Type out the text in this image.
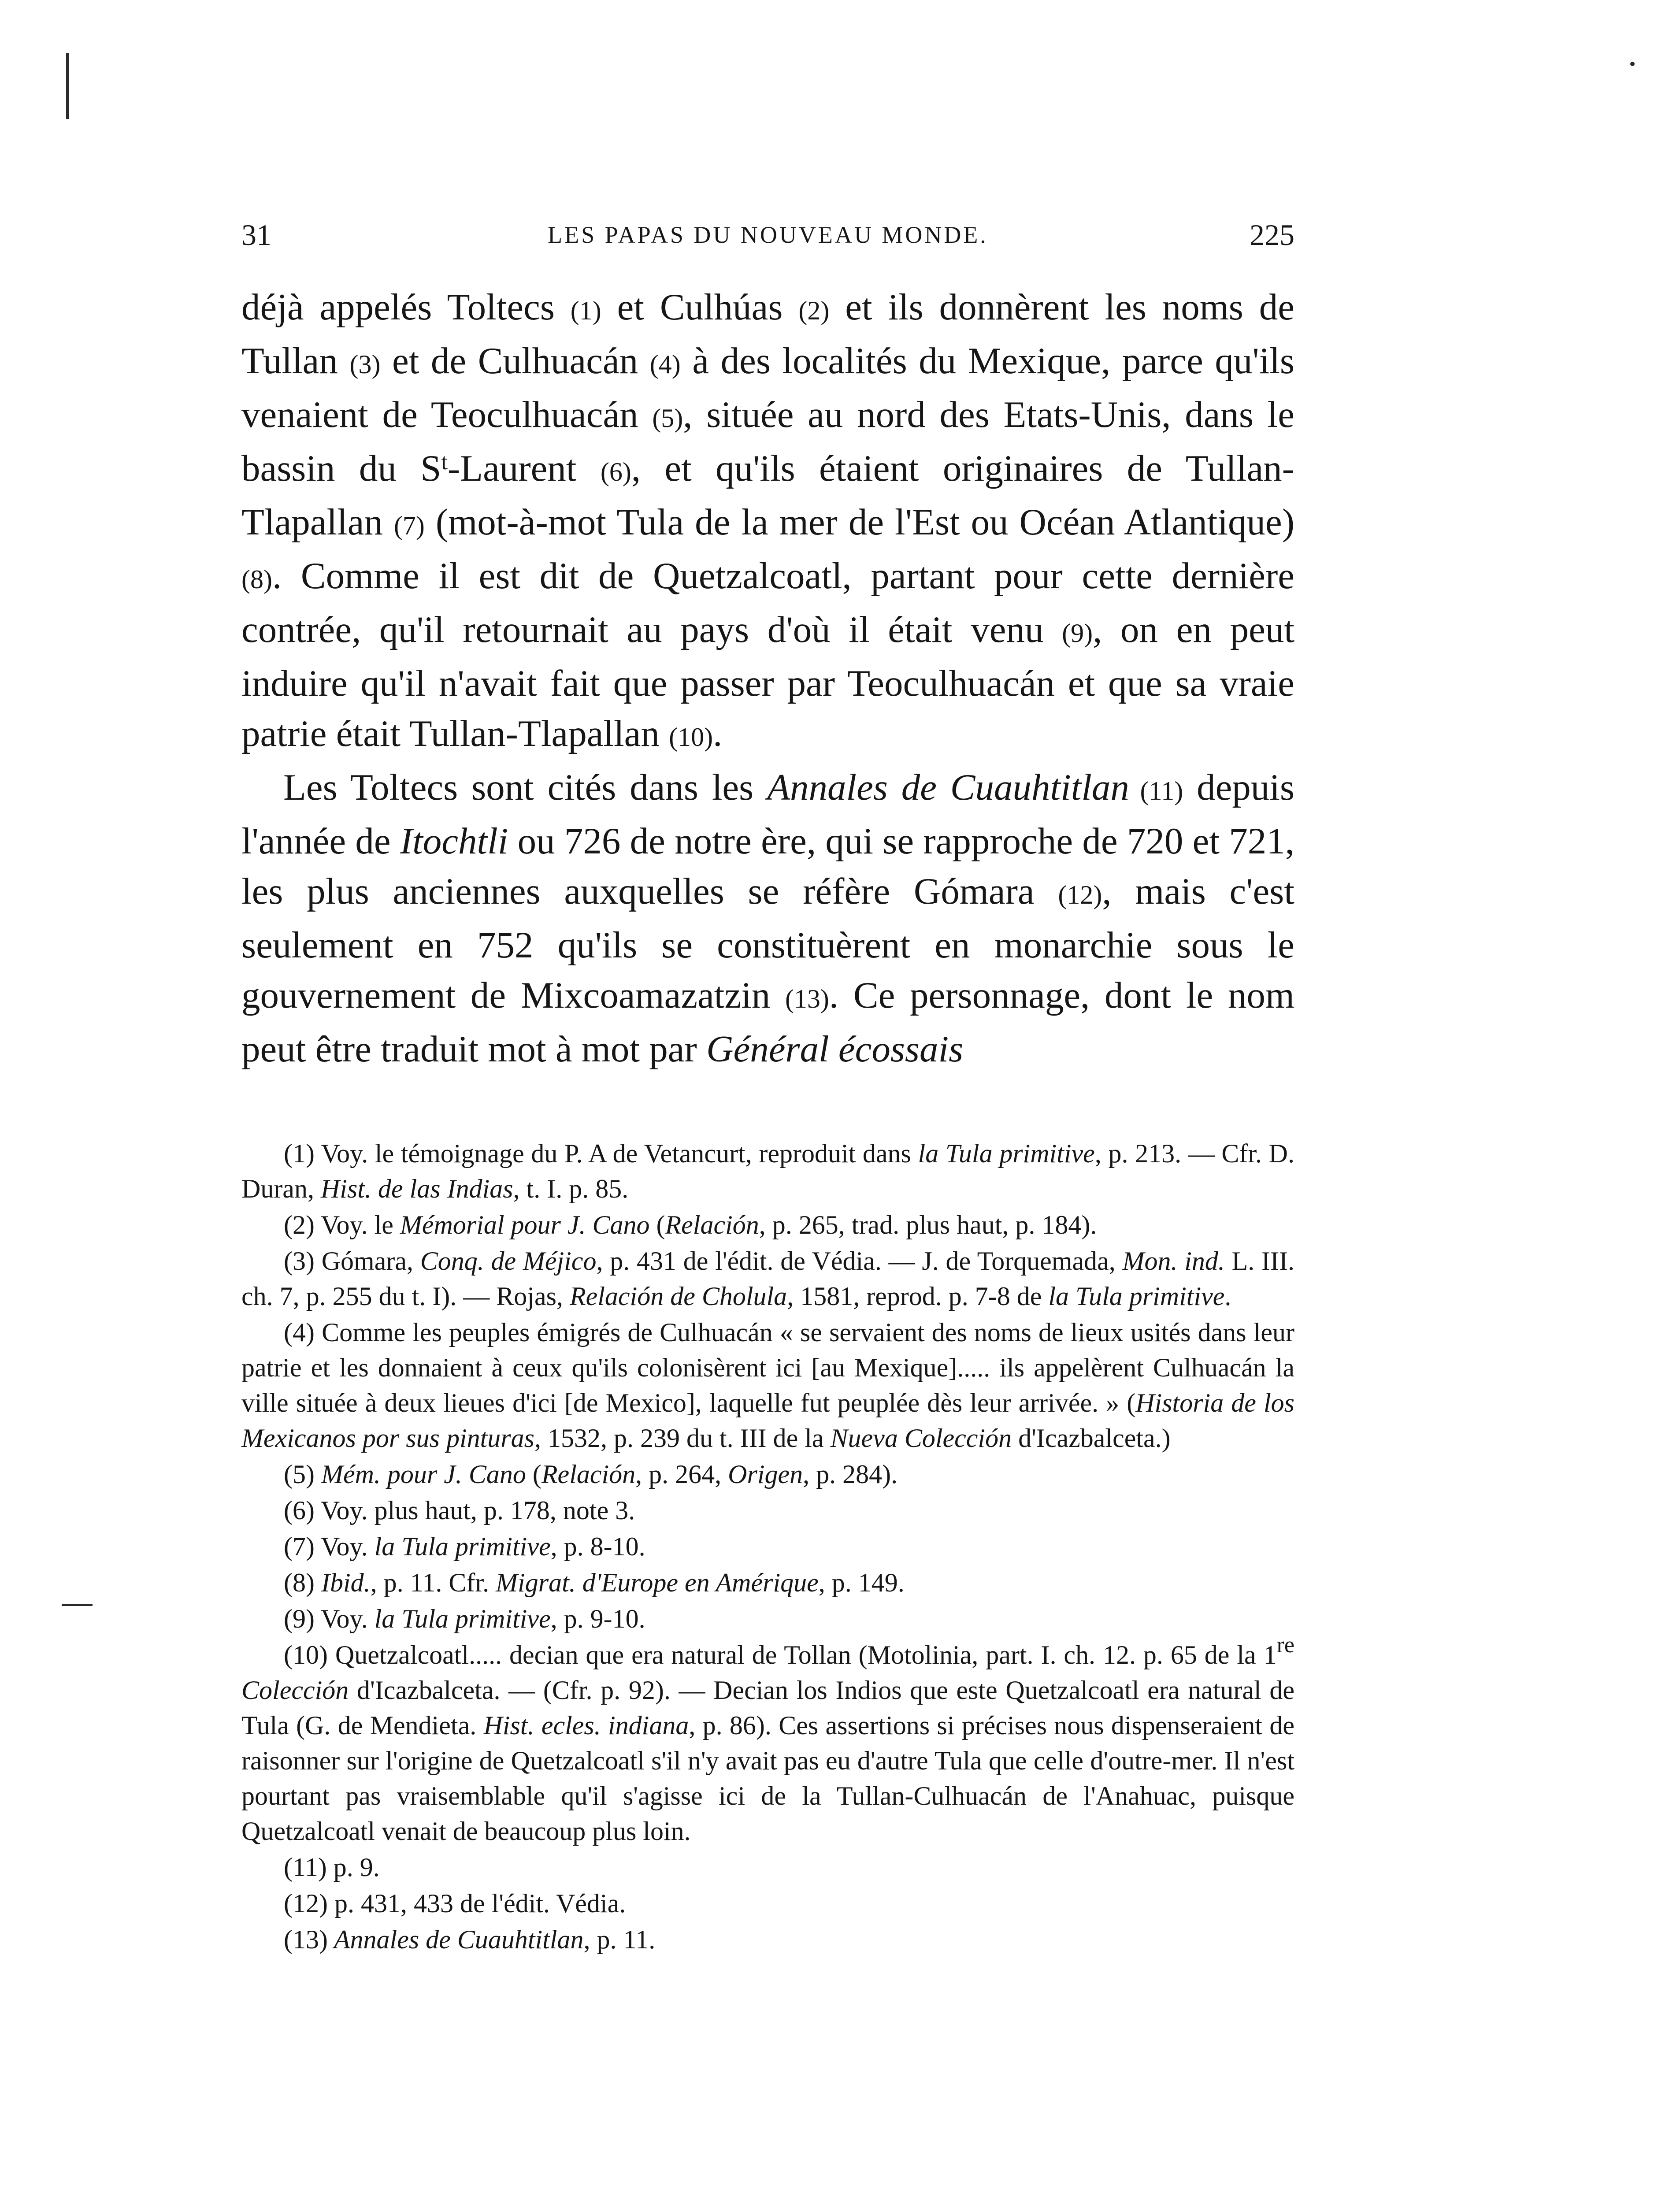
31	LES PAPAS DU NOUVEAU MONDE.	225

déjà appelés Toltecs (1) et Culhúas (2) et ils donnèrent les noms de Tullan (3) et de Culhuacán (4) à des localités du Mexique, parce qu'ils venaient de Teoculhuacán (5), située au nord des Etats-Unis, dans le bassin du $S^t$-Laurent (6), et qu'ils étaient originaires de Tullan-Tlapallan (7) (mot-à-mot Tula de la mer de l'Est ou Océan Atlantique) (8). Comme il est dit de Quetzalcoatl, partant pour cette dernière contrée, qu'il retournait au pays d'où il était venu (9), on en peut induire qu'il n'avait fait que passer par Teoculhuacán et que sa vraie patrie était Tullan-Tlapallan (10).

Les Toltecs sont cités dans les Annales de Cuauhtitlan (11) depuis l'année de Itochtli ou 726 de notre ère, qui se rapproche de 720 et 721, les plus anciennes auxquelles se réfère Gómara (12), mais c'est seulement en 752 qu'ils se constituèrent en monarchie sous le gouvernement de Mixcoamazatzin (13). Ce personnage, dont le nom peut être traduit mot à mot par Général écossais

(1) Voy. le témoignage du P. A de Vetancurt, reproduit dans la Tula primitive, p. 213. — Cfr. D. Duran, Hist. de las Indias, t. I. p. 85.

(2) Voy. le Mémorial pour J. Cano (Relación, p. 265, trad. plus haut, p. 184).

(3) Gómara, Conq. de Méjico, p. 431 de l'édit. de Védia. — J. de Torquemada, Mon. ind. L. III. ch. 7, p. 255 du t. I). — Rojas, Relación de Cholula, 1581, reprod. p. 7-8 de la Tula primitive.

(4) Comme les peuples émigrés de Culhuacán « se servaient des noms de lieux usités dans leur patrie et les donnaient à ceux qu'ils colonisèrent ici [au Mexique]..... ils appelèrent Culhuacán la ville située à deux lieues d'ici [de Mexico], laquelle fut peuplée dès leur arrivée. » (Historia de los Mexicanos por sus pinturas, 1532, p. 239 du t. III de la Nueva Colección d'Icazbalceta.)

(5) Mém. pour J. Cano (Relación, p. 264, Origen, p. 284).

(6) Voy. plus haut, p. 178, note 3.

(7) Voy. la Tula primitive, p. 8-10.

(8) Ibid., p. 11. Cfr. Migrat. d'Europe en Amérique, p. 149.

(9) Voy. la Tula primitive, p. 9-10.

(10) Quetzalcoatl..... decian que era natural de Tollan (Motolinia, part. I. ch. 12. p. 65 de la 1re Colección d'Icazbalceta. — (Cfr. p. 92). — Decian los Indios que este Quetzalcoatl era natural de Tula (G. de Mendieta. Hist. ecles. indiana, p. 86). Ces assertions si précises nous dispenseraient de raisonner sur l'origine de Quetzalcoatl s'il n'y avait pas eu d'autre Tula que celle d'outre-mer. Il n'est pourtant pas vraisemblable qu'il s'agisse ici de la Tullan-Culhuacán de l'Anahuac, puisque Quetzalcoatl venait de beaucoup plus loin.

(11) p. 9.

(12) p. 431, 433 de l'édit. Védia.

(13) Annales de Cuauhtitlan, p. 11.
